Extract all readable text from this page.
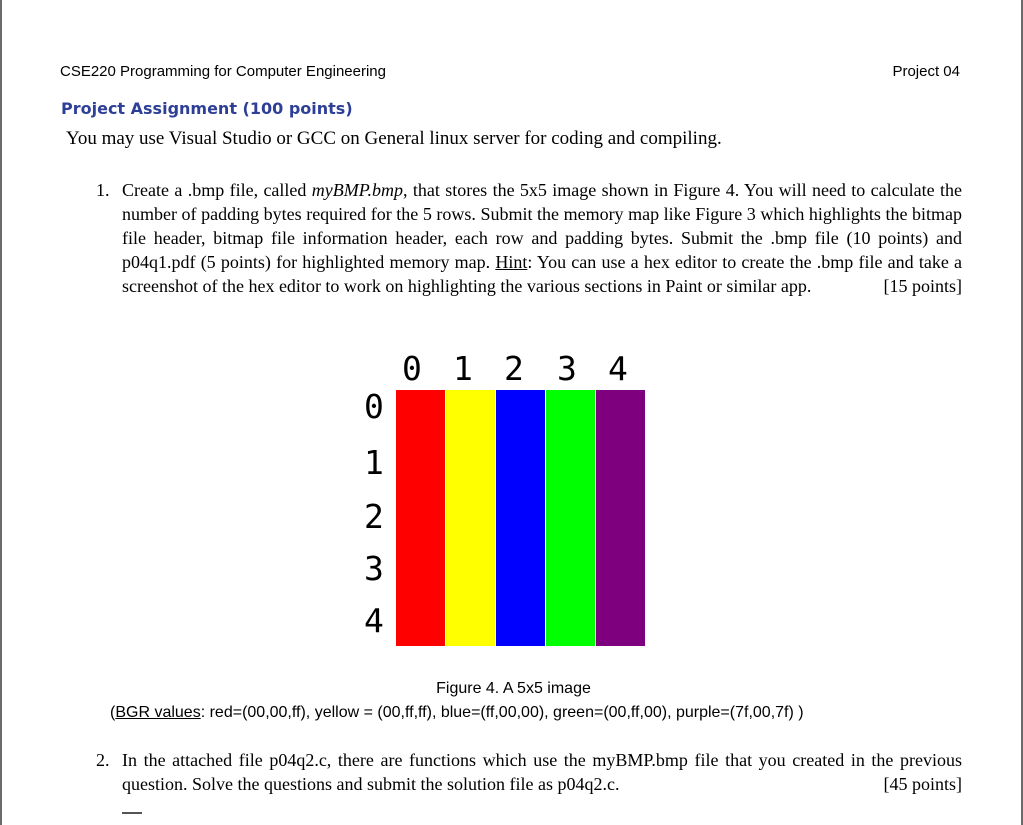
CSE220 Programming for Computer Engineering	Project 04
Project Assignment (100 points)
You may use Visual Studio or GCC on General linux server for coding and compiling.
1. Create a .bmp file, called myBMP.bmp, that stores the 5x5 image shown in Figure 4. You will need to calculate the number of padding bytes required for the 5 rows. Submit the memory map like Figure 3 which highlights the bitmap file header, bitmap file information header, each row and padding bytes. Submit the .bmp file (10 points) and p04q1.pdf (5 points) for highlighted memory map. Hint: You can use a hex editor to create the .bmp file and take a screenshot of the hex editor to work on highlighting the various sections in Paint or similar app.	[15 points]
0 1 2 3 4
0
1
2
3
4
Figure 4. A 5x5 image
(BGR values: red=(00,00,ff), yellow = (00,ff,ff), blue=(ff,00,00), green=(00,ff,00), purple=(7f,00,7f) )
2. In the attached file p04q2.c, there are functions which use the myBMP.bmp file that you created in the previous question. Solve the questions and submit the solution file as p04q2.c.	[45 points]
